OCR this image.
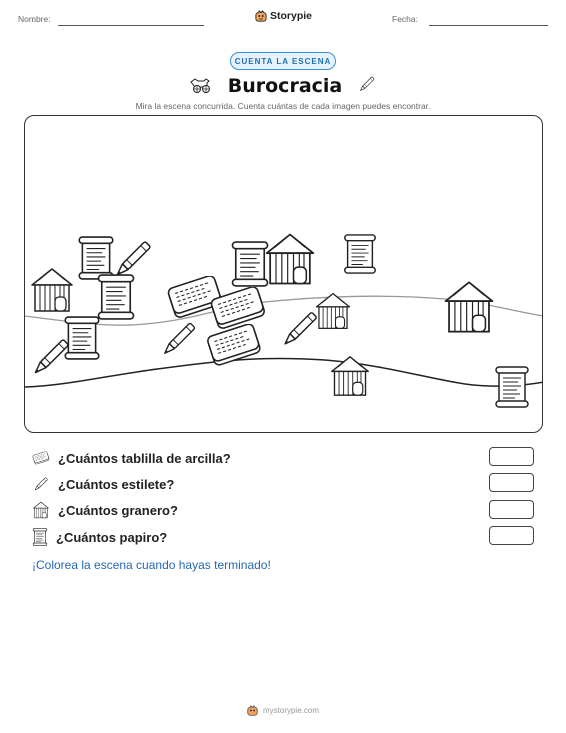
Nombre:	Storypie	Fecha:
CUENTA LA ESCENA
Burocracia
Mira la escena concurrida. Cuenta cuántas de cada imagen puedes encontrar.
¿Cuántos tablilla de arcilla?
¿Cuántos estilete?
¿Cuántos granero?
¿Cuántos papiro?
¡Colorea la escena cuando hayas terminado!
mystorypie.com
